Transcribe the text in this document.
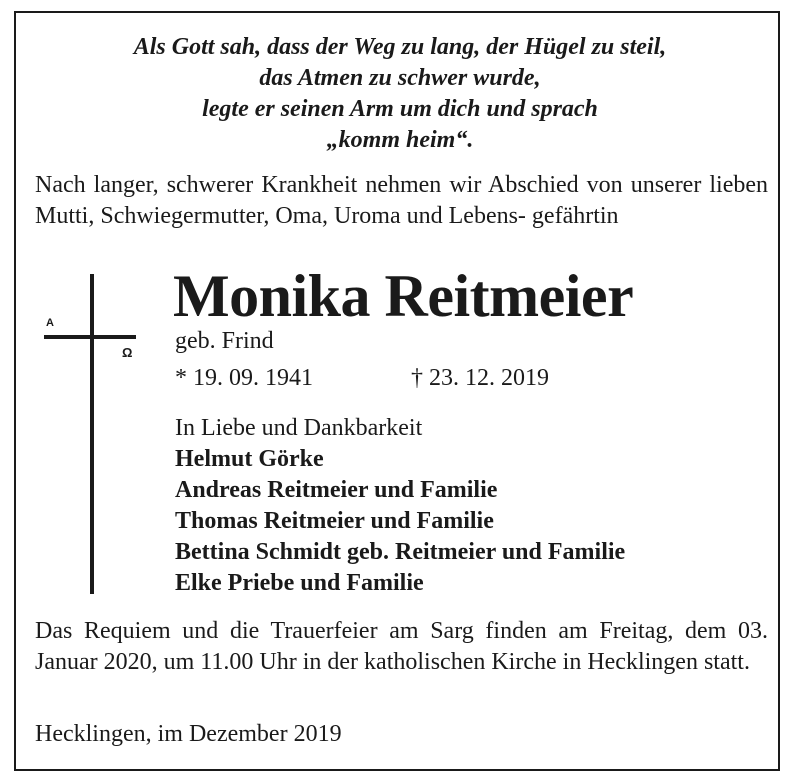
Als Gott sah, dass der Weg zu lang, der Hügel zu steil,
das Atmen zu schwer wurde,
legte er seinen Arm um dich und sprach
„komm heim“.
Nach langer, schwerer Krankheit nehmen wir Abschied von unserer lieben Mutti, Schwiegermutter, Oma, Uroma und Lebens- gefährtin
A
Ω
Monika Reitmeier
geb. Frind
* 19. 09. 1941	† 23. 12. 2019
In Liebe und Dankbarkeit
Helmut Görke
Andreas Reitmeier und Familie
Thomas Reitmeier und Familie
Bettina Schmidt geb. Reitmeier und Familie
Elke Priebe und Familie
Das Requiem und die Trauerfeier am Sarg finden am Freitag, dem 03. Januar 2020, um 11.00 Uhr in der katholischen Kirche in Hecklingen statt.
Hecklingen, im Dezember 2019
